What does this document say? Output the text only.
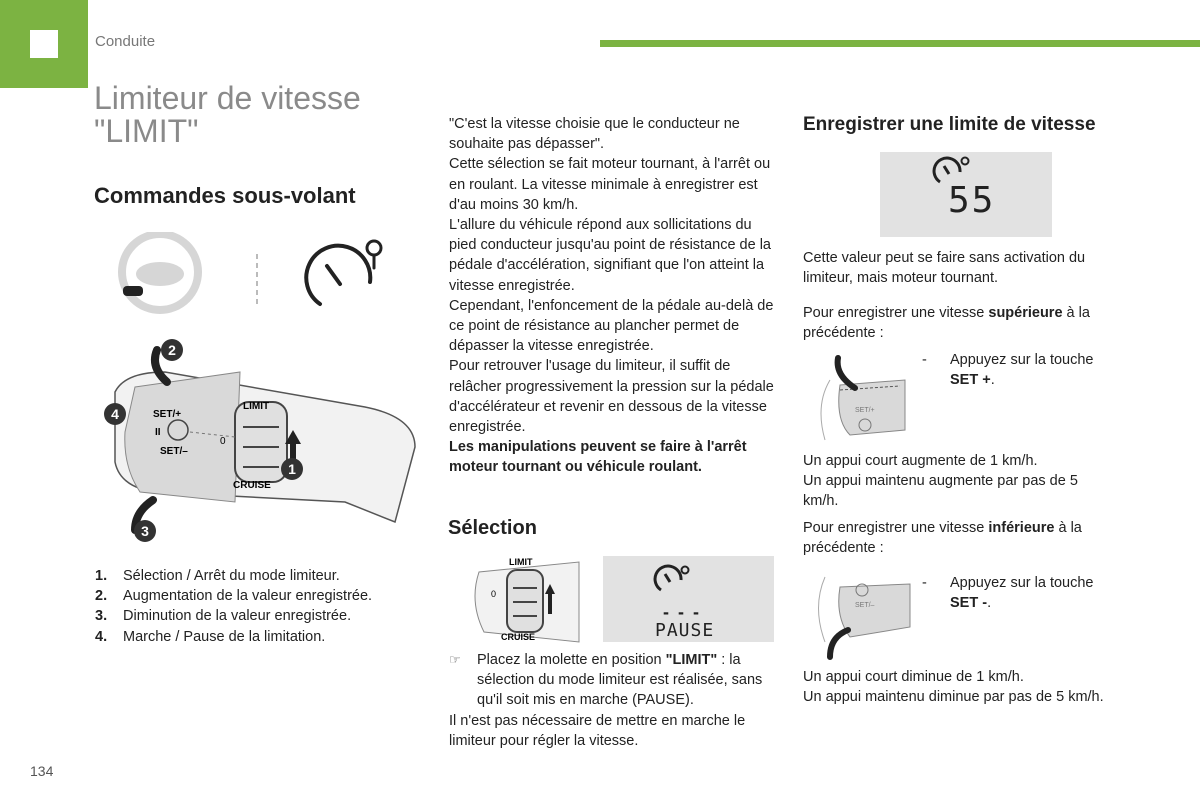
Conduite
Limiteur de vitesse
"LIMIT"
Commandes sous-volant
SET/+
SET/–
LIMIT
CRUISE
0
II
1
2
3
4
1.	Sélection / Arrêt du mode limiteur.
2.	Augmentation de la valeur enregistrée.
3.	Diminution de la valeur enregistrée.
4.	Marche / Pause de la limitation.

"C'est la vitesse choisie que le conducteur ne souhaite pas dépasser".

Cette sélection se fait moteur tournant, à l'arrêt ou en roulant. La vitesse minimale à enregistrer est d'au moins 30 km/h.

L'allure du véhicule répond aux sollicitations du pied conducteur jusqu'au point de résistance de la pédale d'accélération, signifiant que l'on atteint la vitesse enregistrée.

Cependant, l'enfoncement de la pédale au-delà de ce point de résistance au plancher permet de dépasser la vitesse enregistrée.

Pour retrouver l'usage du limiteur, il suffit de relâcher progressivement la pression sur la pédale d'accélérateur et revenir en dessous de la vitesse enregistrée.

Les manipulations peuvent se faire à l'arrêt moteur tournant ou véhicule roulant.

Sélection
LIMIT
CRUISE
0
- - -
PAUSE
☞	Placez la molette en position "LIMIT" : la sélection du mode limiteur est réalisée, sans qu'il soit mis en marche (PAUSE).

Il n'est pas nécessaire de mettre en marche le limiteur pour régler la vitesse.

Enregistrer une limite de vitesse
55
Cette valeur peut se faire sans activation du limiteur, mais moteur tournant.

Pour enregistrer une vitesse supérieure à la précédente :

SET/+
-	Appuyez sur la touche SET +.

Un appui court augmente de 1 km/h.

Un appui maintenu augmente par pas de 5 km/h.

Pour enregistrer une vitesse inférieure à la précédente :

SET/–
-	Appuyez sur la touche SET -.

Un appui court diminue de 1 km/h.

Un appui maintenu diminue par pas de 5 km/h.

134
